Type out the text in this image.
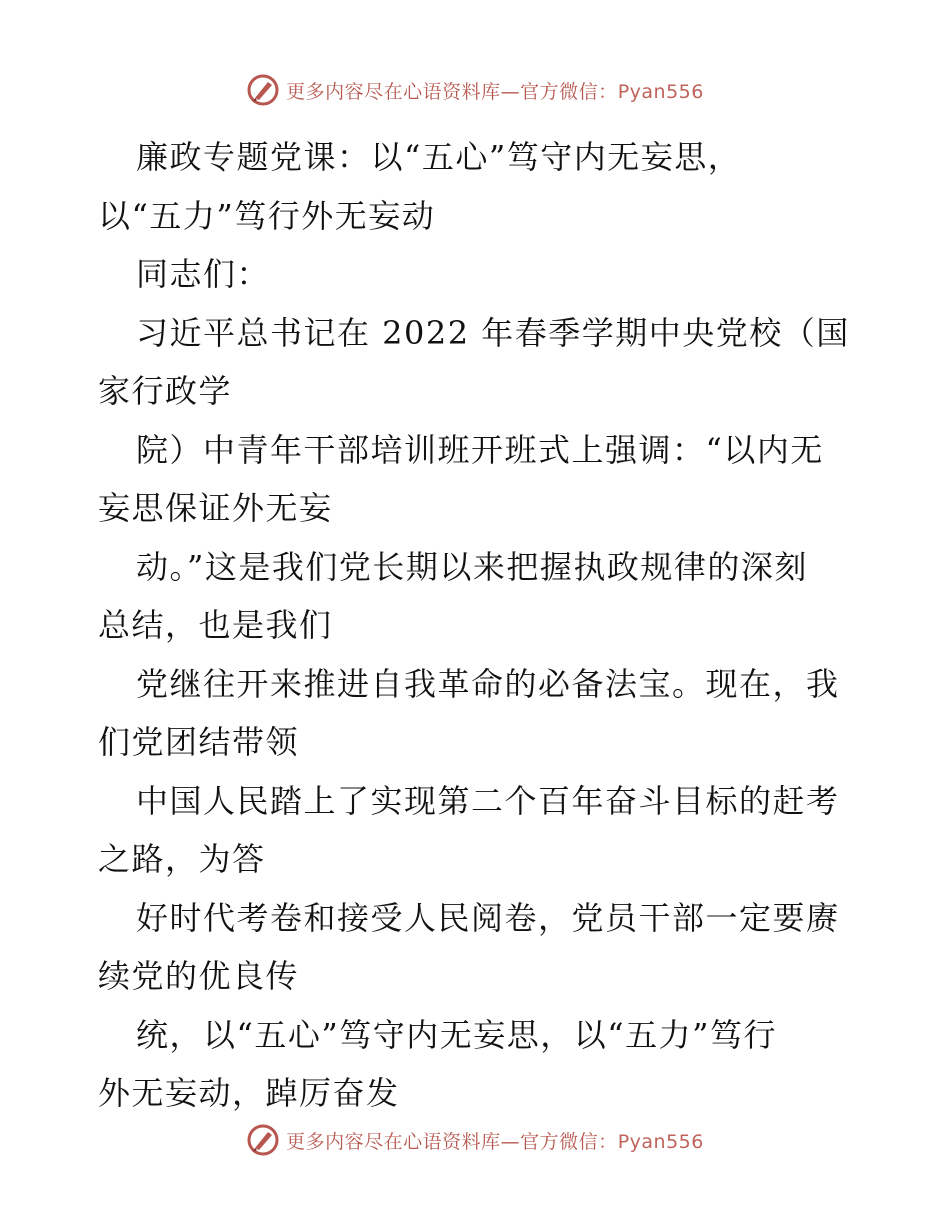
更多内容尽在心语资料库—官方微信：Pyan556
廉政专题党课：以“五心”笃守内无妄思，
以“五力”笃行外无妄动
同志们：
习近平总书记在 2022 年春季学期中央党校（国
家行政学
院）中青年干部培训班开班式上强调：“以内无
妄思保证外无妄
动。”这是我们党长期以来把握执政规律的深刻
总结，也是我们
党继往开来推进自我革命的必备法宝。现在，我
们党团结带领
中国人民踏上了实现第二个百年奋斗目标的赶考
之路，为答
好时代考卷和接受人民阅卷，党员干部一定要赓
续党的优良传
统，以“五心”笃守内无妄思，以“五力”笃行
外无妄动，踔厉奋发
更多内容尽在心语资料库—官方微信：Pyan556
